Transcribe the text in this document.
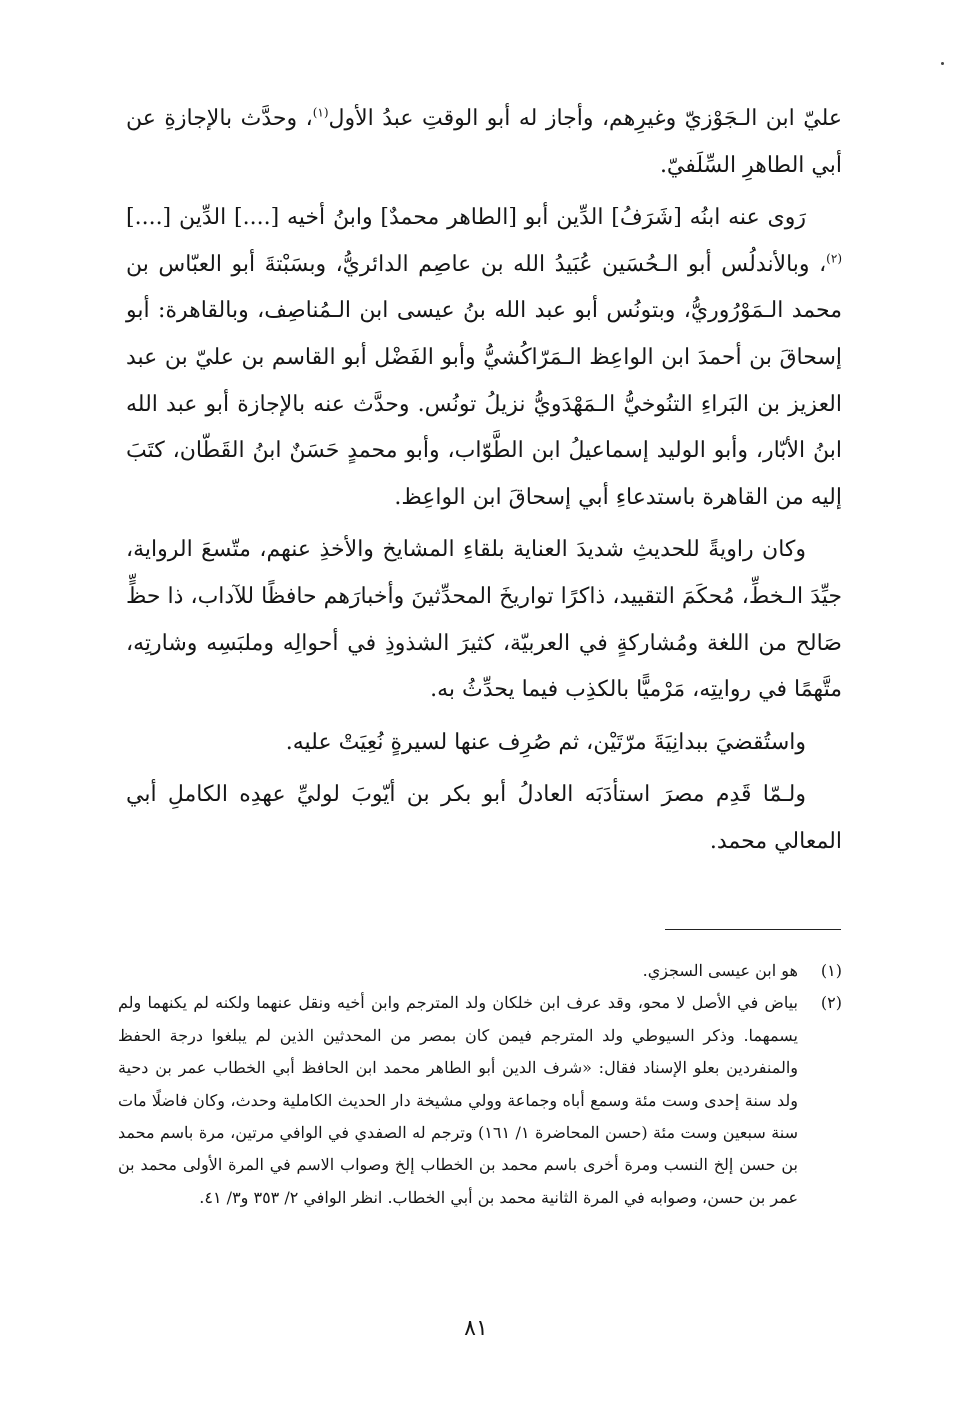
عليّ ابن الـجَوْزيّ وغيرِهم، وأجاز له أبو الوقتِ عبدُ الأول$^{(١)}$، وحدَّث بالإجازةِ عن أبي الطاهرِ السِّلَفيّ.

رَوى عنه ابنُه [شَرَفُ] الدِّين أبو [الطاهر محمدٌ] وابنُ أخيه [....] الدِّين [....]$^{(٢)}$، وبالأندلُس أبو الـحُسَين عُبَيدُ الله بن عاصِم الدائريُّ، وبسَبْتةَ أبو العبّاس بن محمد الـمَوْرُوريُّ، وبتونُس أبو عبد الله بنُ عيسى ابن الـمُناصِف، وبالقاهرة: أبو إسحاقَ بن أحمدَ ابن الواعِظ الـمَرّاكُشيُّ وأبو الفَضْل أبو القاسم بن عليّ بن عبد العزيز بن البَراءِ التنُوخيُّ الـمَهْدَويُّ نزيلُ تونُس. وحدَّث عنه بالإجازة أبو عبد الله ابنُ الأبّار، وأبو الوليد إسماعيلُ ابن الطَّوّاب، وأبو محمدٍ حَسَنٌ ابنُ القَطّان، كتَبَ إليه من القاهرة باستدعاءِ أبي إسحاقَ ابن الواعِظ.

وكان راويةً للحديثِ شديدَ العناية بلقاءِ المشايخ والأخذِ عنهم، متّسعَ الرواية، جيِّدَ الـخطِّ، مُحكَمَ التقييد، ذاكرًا تواريخَ المحدِّثينَ وأخبارَهم حافظًا للآداب، ذا حظٍّ صَالح من اللغة ومُشاركةٍ في العربيّة، كثيرَ الشذوذِ في أحوالِه وملبَسِه وشارتِه، متَّهمًا في روايتِه، مَرْميًّا بالكذِب فيما يحدِّثُ به.

واستُقضيَ ببدانِيَةَ مرّتَيْن، ثم صُرِف عنها لسيرةٍ نُعِيَتْ عليه.

ولـمّا قَدِم مصرَ استأدَبَه العادلُ أبو بكر بن أيّوبَ لوليِّ عهدِه الكاملِ أبي المعالي محمد.

(١)
هو ابن عيسى السجزي.
(٢)
بياض في الأصل لا محو، وقد عرف ابن خلكان ولد المترجم وابن أخيه ونقل عنهما ولكنه لم يكنهما ولم يسمهما. وذكر السيوطي ولد المترجم فيمن كان بمصر من المحدثين الذين لم يبلغوا درجة الحفظ والمنفردين بعلو الإسناد فقال: «شرف الدين أبو الطاهر محمد ابن الحافظ أبي الخطاب عمر بن دحية ولد سنة إحدى وست مئة وسمع أباه وجماعة وولي مشيخة دار الحديث الكاملية وحدث، وكان فاضلًا مات سنة سبعين وست مئة (حسن المحاضرة ١/ ١٦١) وترجم له الصفدي في الوافي مرتين، مرة باسم محمد بن حسن إلخ النسب ومرة أخرى باسم محمد بن الخطاب إلخ وصواب الاسم في المرة الأولى محمد بن عمر بن حسن، وصوابه في المرة الثانية محمد بن أبي الخطاب. انظر الوافي ٢/ ٣٥٣ و٣/ ٤١.
٨١
